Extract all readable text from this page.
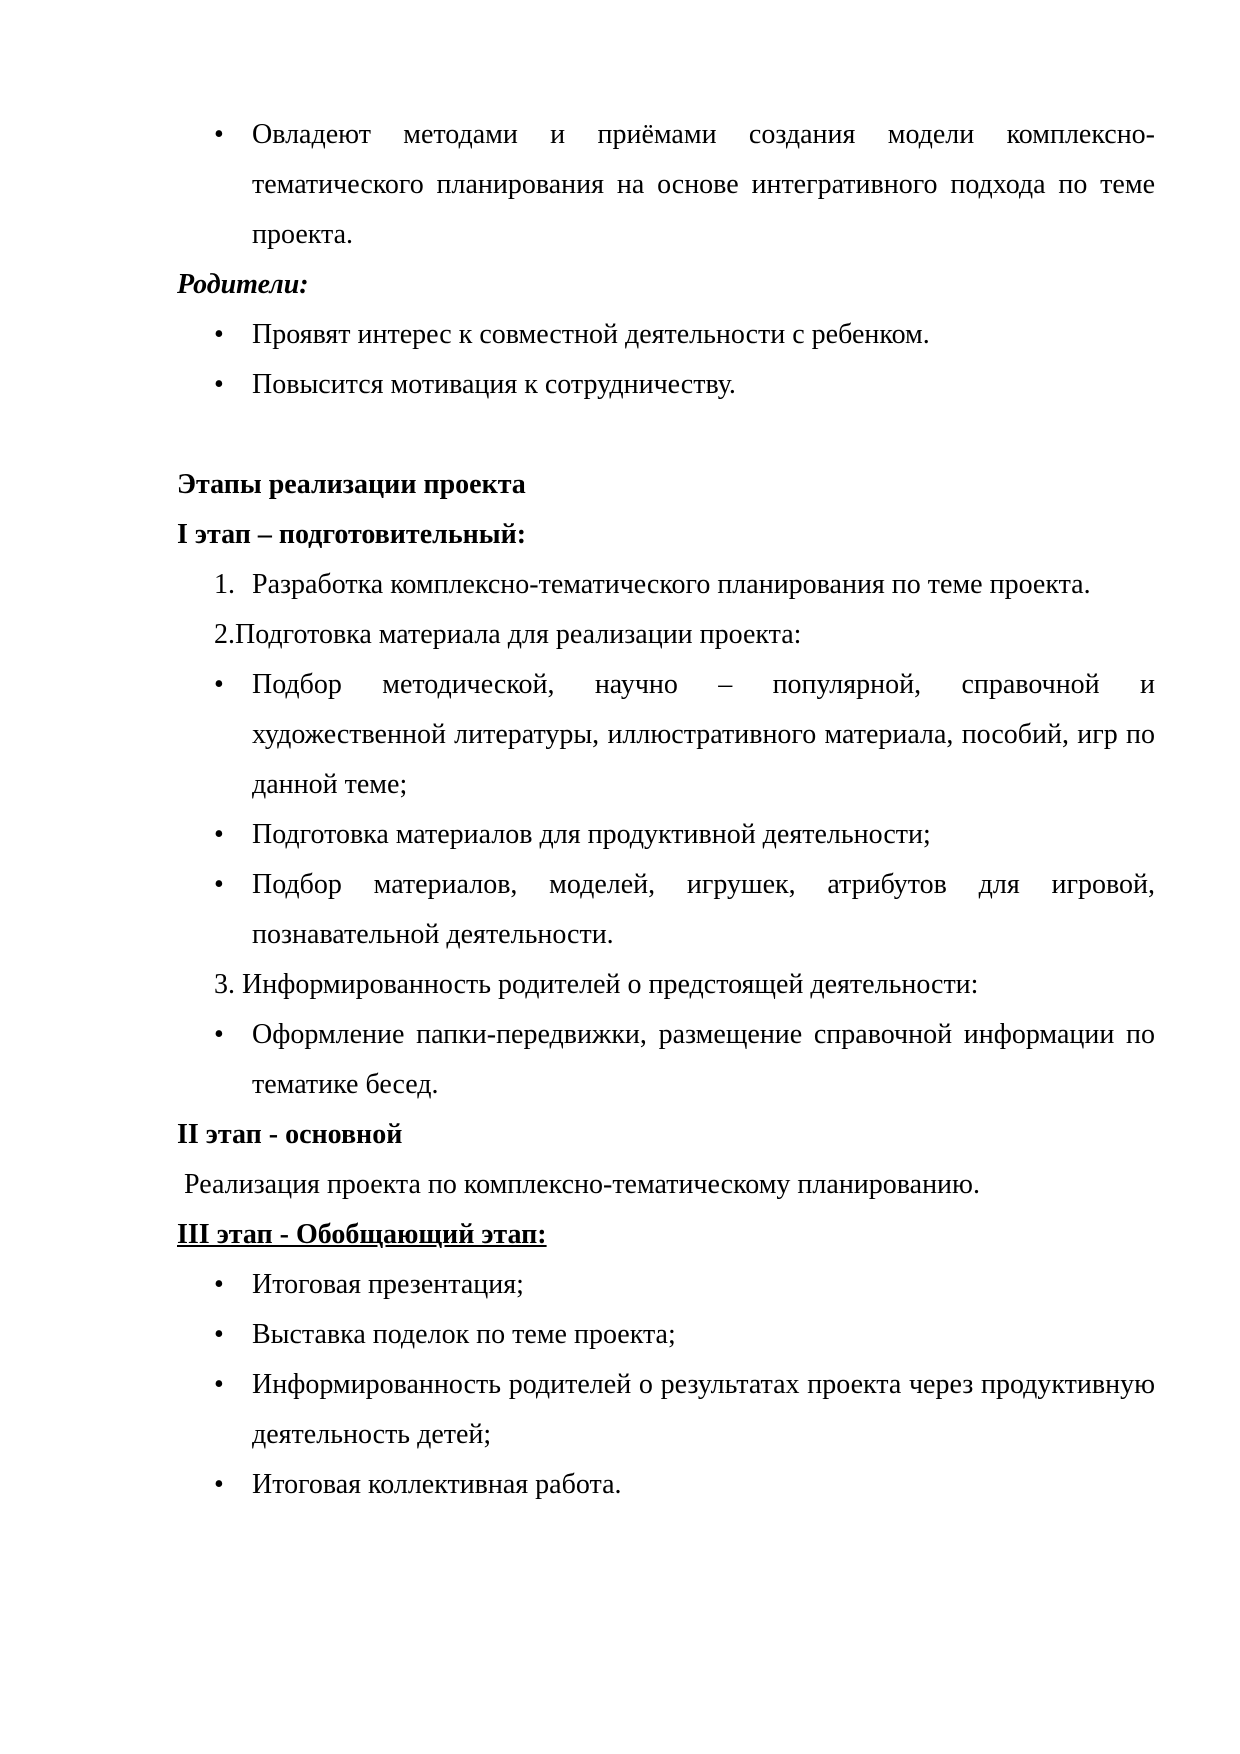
• Овладеют методами и приёмами создания модели комплексно-тематического планирования на основе интегративного подхода по теме проекта.
Родители:
• Проявят интерес к совместной деятельности с ребенком.
• Повысится мотивация к сотрудничеству.
Этапы реализации проекта
I этап – подготовительный:
1. Разработка комплексно-тематического планирования по теме проекта.
2.Подготовка материала для реализации проекта:
• Подбор методической, научно – популярной, справочной и художественной литературы, иллюстративного материала, пособий, игр по данной теме;
• Подготовка материалов для продуктивной деятельности;
• Подбор материалов, моделей, игрушек, атрибутов для игровой, познавательной деятельности.
3. Информированность родителей о предстоящей деятельности:
• Оформление папки-передвижки, размещение справочной информации по тематике бесед.
II этап - основной
Реализация проекта по комплексно-тематическому планированию.
III этап - Обобщающий этап:
• Итоговая презентация;
• Выставка поделок по теме проекта;
• Информированность родителей о результатах проекта через продуктивную деятельность детей;
• Итоговая коллективная работа.
